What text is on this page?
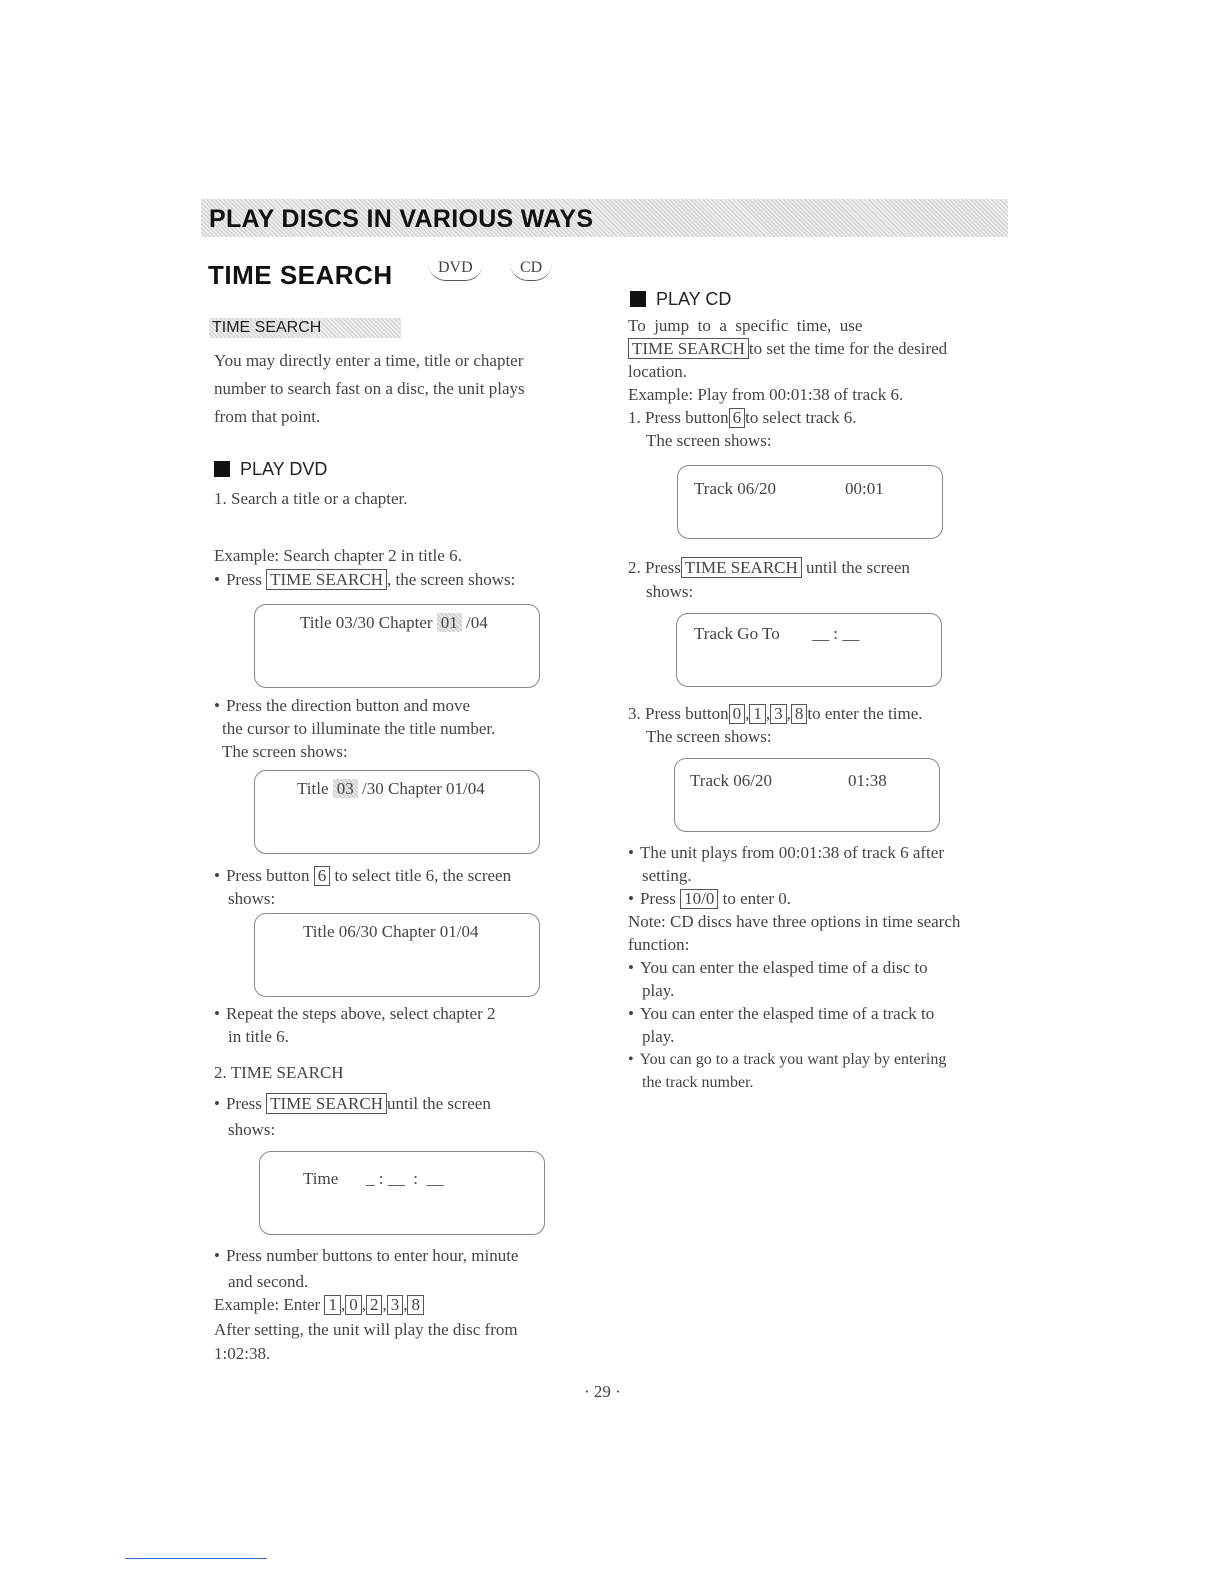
PLAY DISCS IN VARIOUS WAYS
TIME SEARCH	DVD	CD
TIME SEARCH
You may directly enter a time, title or chapter
number to search fast on a disc, the unit plays
from that point.
PLAY DVD
1. Search a title or a chapter.
Example: Search chapter 2 in title 6.
• Press TIME SEARCH , the screen shows:
Title 03/30 Chapter 01 /04
• Press the direction button and move
the cursor to illuminate the title number.
The screen shows:
Title 03 /30 Chapter 01/04
• Press button 6 to select title 6, the screen
shows:
Title 06/30 Chapter 01/04
• Repeat the steps above, select chapter 2
in title 6.
2. TIME SEARCH
• Press TIME SEARCH until the screen
shows:
Time _ : __  :  __
• Press number buttons to enter hour, minute
and second.
Example: Enter 1 , 0 , 2 , 3 , 8
After setting, the unit will play the disc from
1:02:38.
PLAY CD
To  jump  to  a  specific  time,  use
TIME SEARCH to set the time for the desired
location.
Example: Play from 00:01:38 of track 6.
1. Press button 6 to select track 6.
The screen shows:
Track 06/20	00:01
2. Press TIME SEARCH until the screen
shows:
Track Go To __ : __
3. Press button 0 , 1 , 3 , 8 to enter the time.
The screen shows:
Track 06/20	01:38
• The unit plays from 00:01:38 of track 6 after
setting.
• Press 10/0 to enter 0.
Note: CD discs have three options in time search
function:
• You can enter the elasped time of a disc to
play.
• You can enter the elasped time of a track to
play.
• You can go to a track you want play by entering
the track number.
· 29 ·
